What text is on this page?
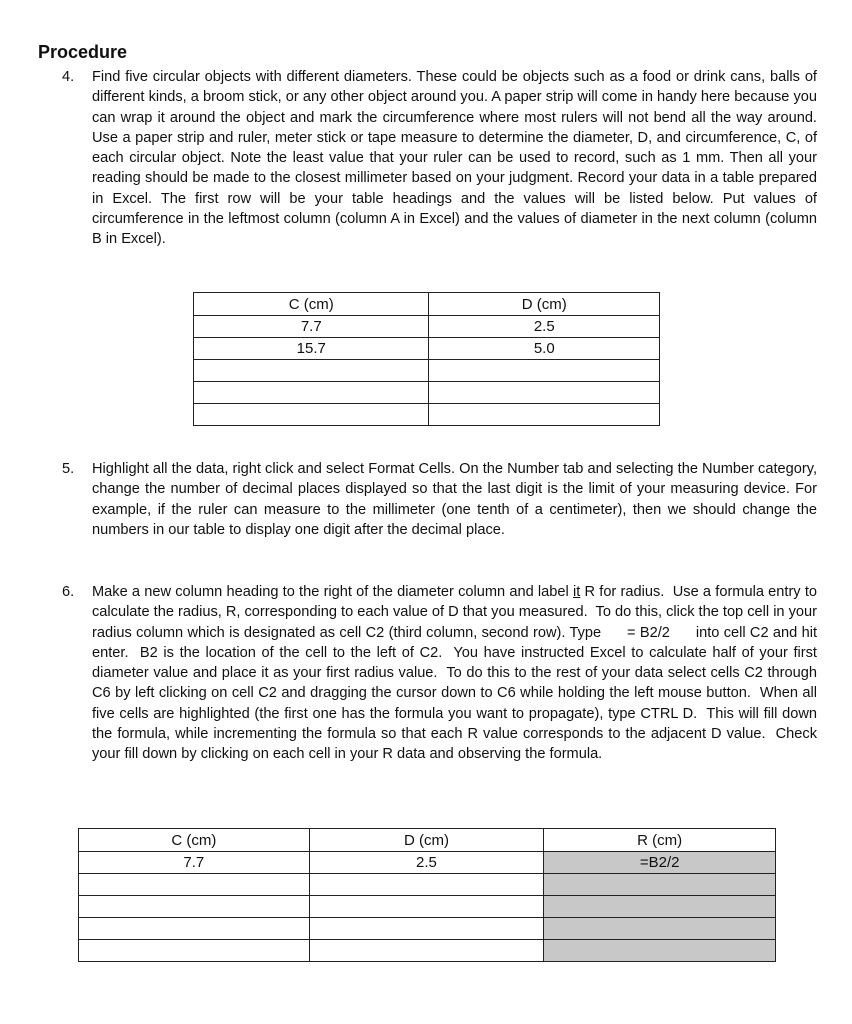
Procedure
4. Find five circular objects with different diameters. These could be objects such as a food or drink cans, balls of different kinds, a broom stick, or any other object around you. A paper strip will come in handy here because you can wrap it around the object and mark the circumference where most rulers will not bend all the way around. Use a paper strip and ruler, meter stick or tape measure to determine the diameter, D, and circumference, C, of each circular object. Note the least value that your ruler can be used to record, such as 1 mm. Then all your reading should be made to the closest millimeter based on your judgment. Record your data in a table prepared in Excel. The first row will be your table headings and the values will be listed below. Put values of circumference in the leftmost column (column A in Excel) and the values of diameter in the next column (column B in Excel).
C (cm)	D (cm)
7.7	2.5
15.7	5.0

5. Highlight all the data, right click and select Format Cells. On the Number tab and selecting the Number category, change the number of decimal places displayed so that the last digit is the limit of your measuring device. For example, if the ruler can measure to the millimeter (one tenth of a centimeter), then we should change the numbers in our table to display one digit after the decimal place.
6. Make a new column heading to the right of the diameter column and label it R for radius.  Use a formula entry to calculate the radius, R, corresponding to each value of D that you measured.  To do this, click the top cell in your radius column which is designated as cell C2 (third column, second row). Type      = B2/2      into cell C2 and hit enter.  B2 is the location of the cell to the left of C2.  You have instructed Excel to calculate half of your first diameter value and place it as your first radius value.  To do this to the rest of your data select cells C2 through C6 by left clicking on cell C2 and dragging the cursor down to C6 while holding the left mouse button.  When all five cells are highlighted (the first one has the formula you want to propagate), type CTRL D.  This will fill down the formula, while incrementing the formula so that each R value corresponds to the adjacent D value.  Check your fill down by clicking on each cell in your R data and observing the formula.
C (cm)	D (cm)	R (cm)
7.7	2.5	=B2/2
